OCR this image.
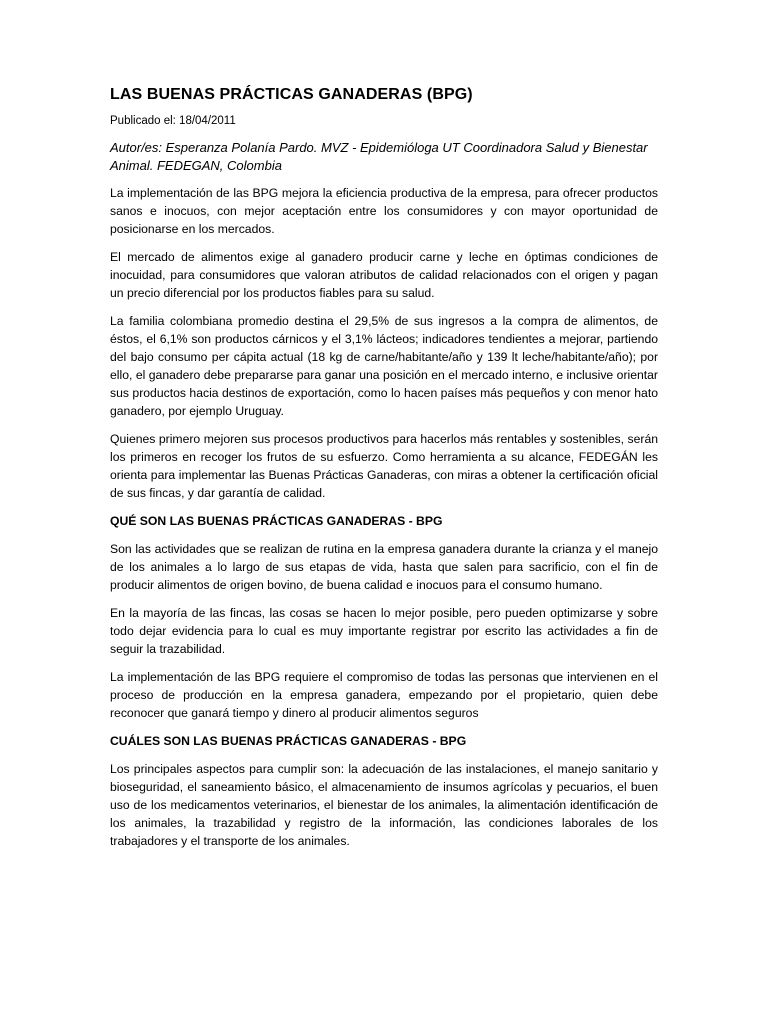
LAS BUENAS PRÁCTICAS GANADERAS (BPG)
Publicado el: 18/04/2011
Autor/es: Esperanza Polanía Pardo. MVZ - Epidemióloga UT Coordinadora Salud y Bienestar Animal. FEDEGAN, Colombia

La implementación de las BPG mejora la eficiencia productiva de la empresa, para ofrecer productos sanos e inocuos, con mejor aceptación entre los consumidores y con mayor oportunidad de posicionarse en los mercados.

El mercado de alimentos exige al ganadero producir carne y leche en óptimas condiciones de inocuidad, para consumidores que valoran atributos de calidad relacionados con el origen y pagan un precio diferencial por los productos fiables para su salud.

La familia colombiana promedio destina el 29,5% de sus ingresos a la compra de alimentos, de éstos, el 6,1% son productos cárnicos y el 3,1% lácteos; indicadores tendientes a mejorar, partiendo del bajo consumo per cápita actual (18 kg de carne/habitante/año y 139 lt leche/habitante/año); por ello, el ganadero debe prepararse para ganar una posición en el mercado interno, e inclusive orientar sus productos hacia destinos de exportación, como lo hacen países más pequeños y con menor hato ganadero, por ejemplo Uruguay.

Quienes primero mejoren sus procesos productivos para hacerlos más rentables y sostenibles, serán los primeros en recoger los frutos de su esfuerzo. Como herramienta a su alcance, FEDEGÁN les orienta para implementar las Buenas Prácticas Ganaderas, con miras a obtener la certificación oficial de sus fincas, y dar garantía de calidad.

QUÉ SON LAS BUENAS PRÁCTICAS GANADERAS - BPG

Son las actividades que se realizan de rutina en la empresa ganadera durante la crianza y el manejo de los animales a lo largo de sus etapas de vida, hasta que salen para sacrificio, con el fin de producir alimentos de origen bovino, de buena calidad e inocuos para el consumo humano.

En la mayoría de las fincas, las cosas se hacen lo mejor posible, pero pueden optimizarse y sobre todo dejar evidencia para lo cual es muy importante registrar por escrito las actividades a fin de seguir la trazabilidad.

La implementación de las BPG requiere el compromiso de todas las personas que intervienen en el proceso de producción en la empresa ganadera, empezando por el propietario, quien debe reconocer que ganará tiempo y dinero al producir alimentos seguros

CUÁLES SON LAS BUENAS PRÁCTICAS GANADERAS - BPG

Los principales aspectos para cumplir son: la adecuación de las instalaciones, el manejo sanitario y bioseguridad, el saneamiento básico, el almacenamiento de insumos agrícolas y pecuarios, el buen uso de los medicamentos veterinarios, el bienestar de los animales, la alimentación identificación de los animales, la trazabilidad y registro de la información, las condiciones laborales de los trabajadores y el transporte de los animales.
